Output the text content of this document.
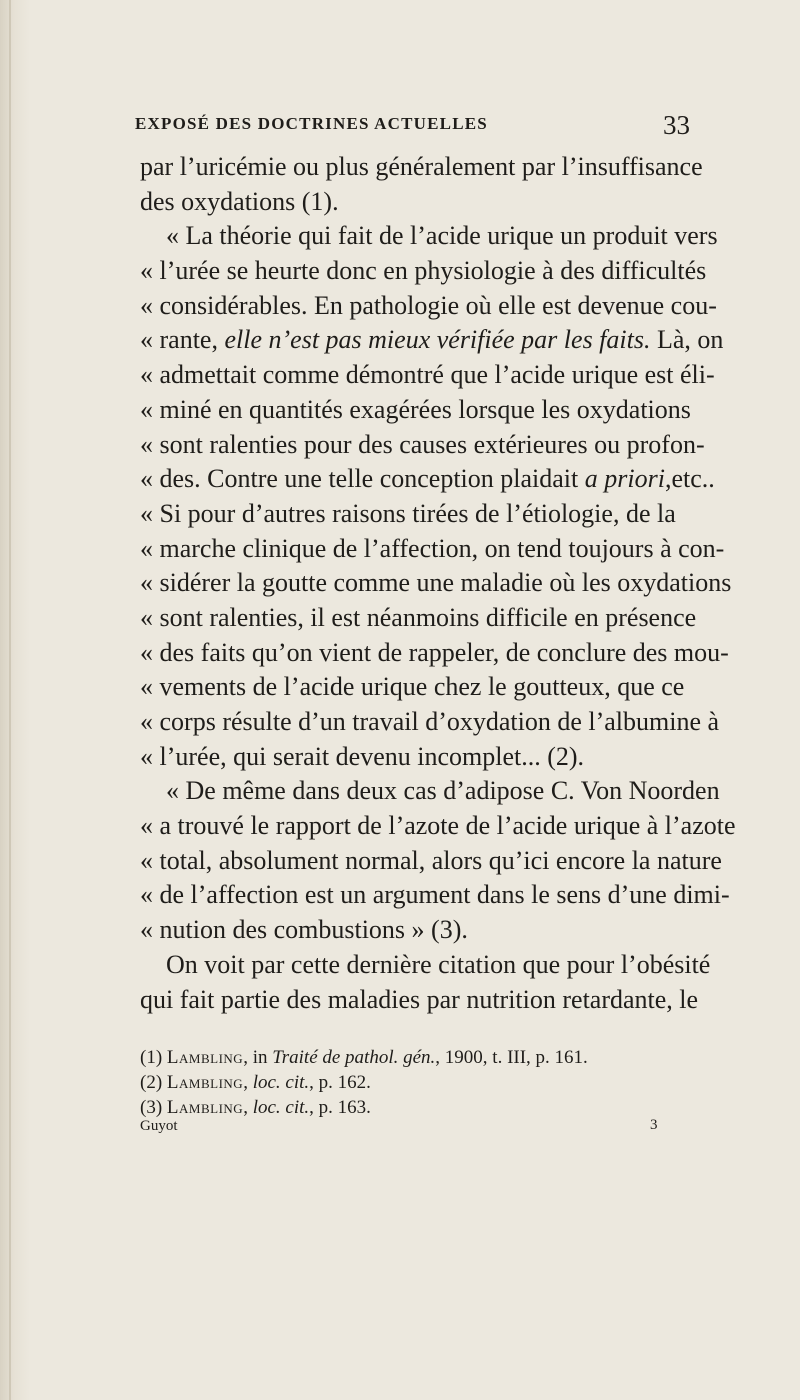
EXPOSÉ DES DOCTRINES ACTUELLES	33
par l’uricémie ou plus généralement par l’insuffisance
des oxydations (1).
« La théorie qui fait de l’acide urique un produit vers
« l’urée se heurte donc en physiologie à des difficultés
« considérables. En pathologie où elle est devenue cou-
« rante, elle n’est pas mieux vérifiée par les faits. Là, on
« admettait comme démontré que l’acide urique est éli-
« miné en quantités exagérées lorsque les oxydations
« sont ralenties pour des causes extérieures ou profon-
« des. Contre une telle conception plaidait a priori,etc..
« Si pour d’autres raisons tirées de l’étiologie, de la
« marche clinique de l’affection, on tend toujours à con-
« sidérer la goutte comme une maladie où les oxydations
« sont ralenties, il est néanmoins difficile en présence
« des faits qu’on vient de rappeler, de conclure des mou-
« vements de l’acide urique chez le goutteux, que ce
« corps résulte d’un travail d’oxydation de l’albumine à
« l’urée, qui serait devenu incomplet... (2).
« De même dans deux cas d’adipose C. Von Noorden
« a trouvé le rapport de l’azote de l’acide urique à l’azote
« total, absolument normal, alors qu’ici encore la nature
« de l’affection est un argument dans le sens d’une dimi-
« nution des combustions » (3).
On voit par cette dernière citation que pour l’obésité
qui fait partie des maladies par nutrition retardante, le
(1) Lambling, in Traité de pathol. gén., 1900, t. III, p. 161.
(2) Lambling, loc. cit., p. 162.
(3) Lambling, loc. cit., p. 163.
Guyot	3
